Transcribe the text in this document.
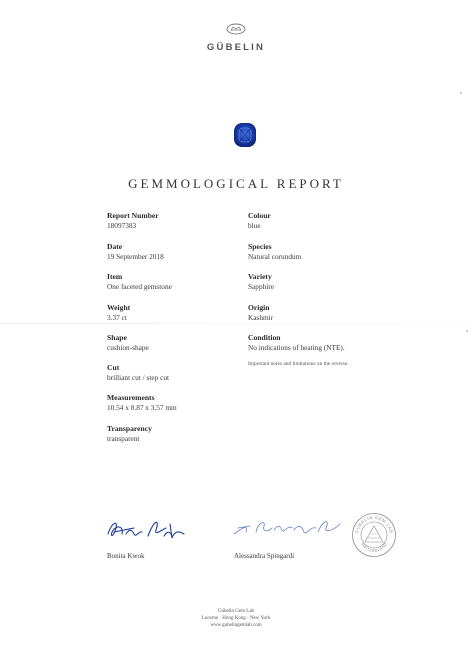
GÜBELIN
GEMMOLOGICAL REPORT
Report Number
18097383
Date
19 September 2018
Item
One faceted gemstone
Weight
3.37 ct
Shape
cushion-shape
Cut
brilliant cut / step cut
Measurements
10.54 x 8.87 x 3.57 mm
Transparency
transparent
Colour
blue
Species
Natural corundum
Variety
Sapphire
Origin
Kashmir
Condition
No indications of heating (NTE).
Important notes and limitations on the reverse.
Bonita Kwok	Alessandra Spingardi
GÜBELIN GEM LAB
SWITZERLAND
Gübelin Gem Lab
Lucerne · Hong Kong · New York
www.gubelingemlab.com
